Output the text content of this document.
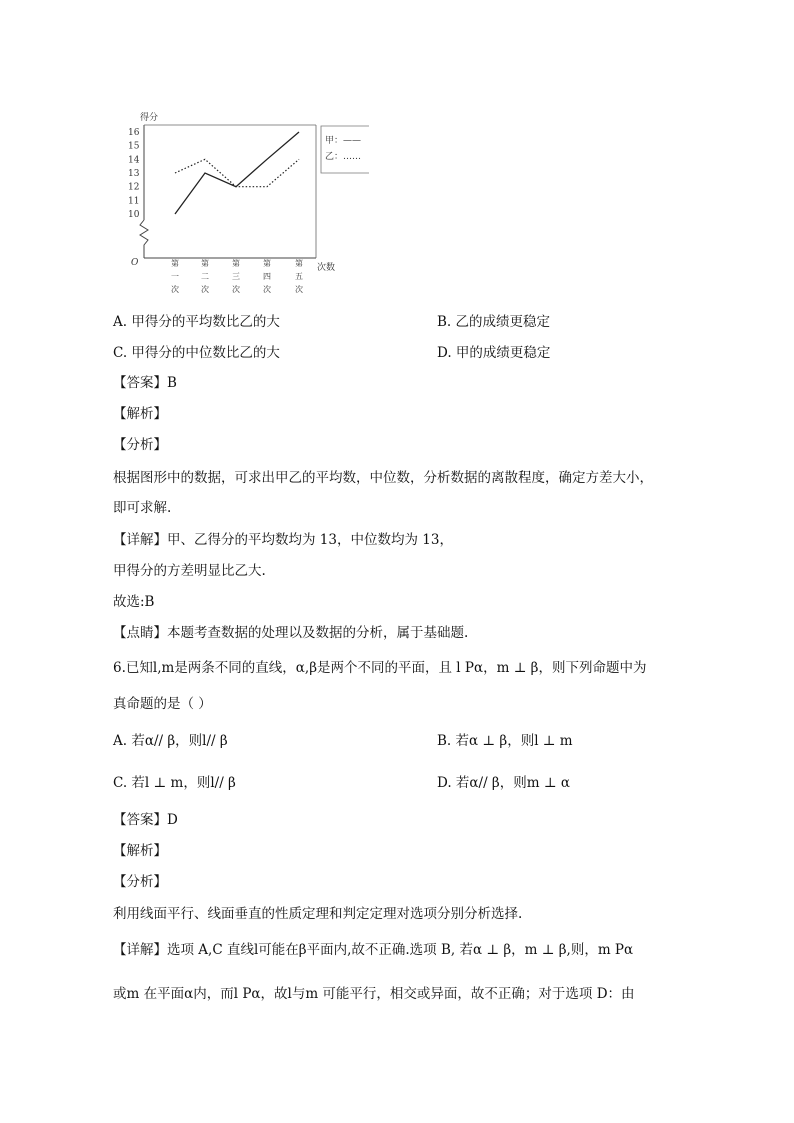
得分
O	次数
10
11
12
13
14
15
16
第
一
次
第
二
次
第
三
次
第
四
次
第
五
次
甲：——
乙：……
A. 甲得分的平均数比乙的大	B. 乙的成绩更稳定
C. 甲得分的中位数比乙的大	D. 甲的成绩更稳定
【答案】B
【解析】
【分析】
根据图形中的数据，可求出甲乙的平均数，中位数，分析数据的离散程度，确定方差大小，
即可求解.
【详解】甲、乙得分的平均数均为 13，中位数均为 13，
甲得分的方差明显比乙大.
故选:B
【点睛】本题考查数据的处理以及数据的分析，属于基础题.
6.已知l,m是两条不同的直线，α,β是两个不同的平面，且 l Pα，m ⊥ β，则下列命题中为
真命题的是（ ）
A. 若α// β，则l// β	B. 若α ⊥ β，则l ⊥ m
C. 若l ⊥ m，则l// β	D. 若α// β，则m ⊥ α
【答案】D
【解析】
【分析】
利用线面平行、线面垂直的性质定理和判定定理对选项分别分析选择.
【详解】选项 A,C 直线l可能在β平面内,故不正确.选项 B, 若α ⊥ β，m ⊥ β,则，m Pα
或m 在平面α内，而l Pα，故l与m 可能平行，相交或异面，故不正确；对于选项 D：由
